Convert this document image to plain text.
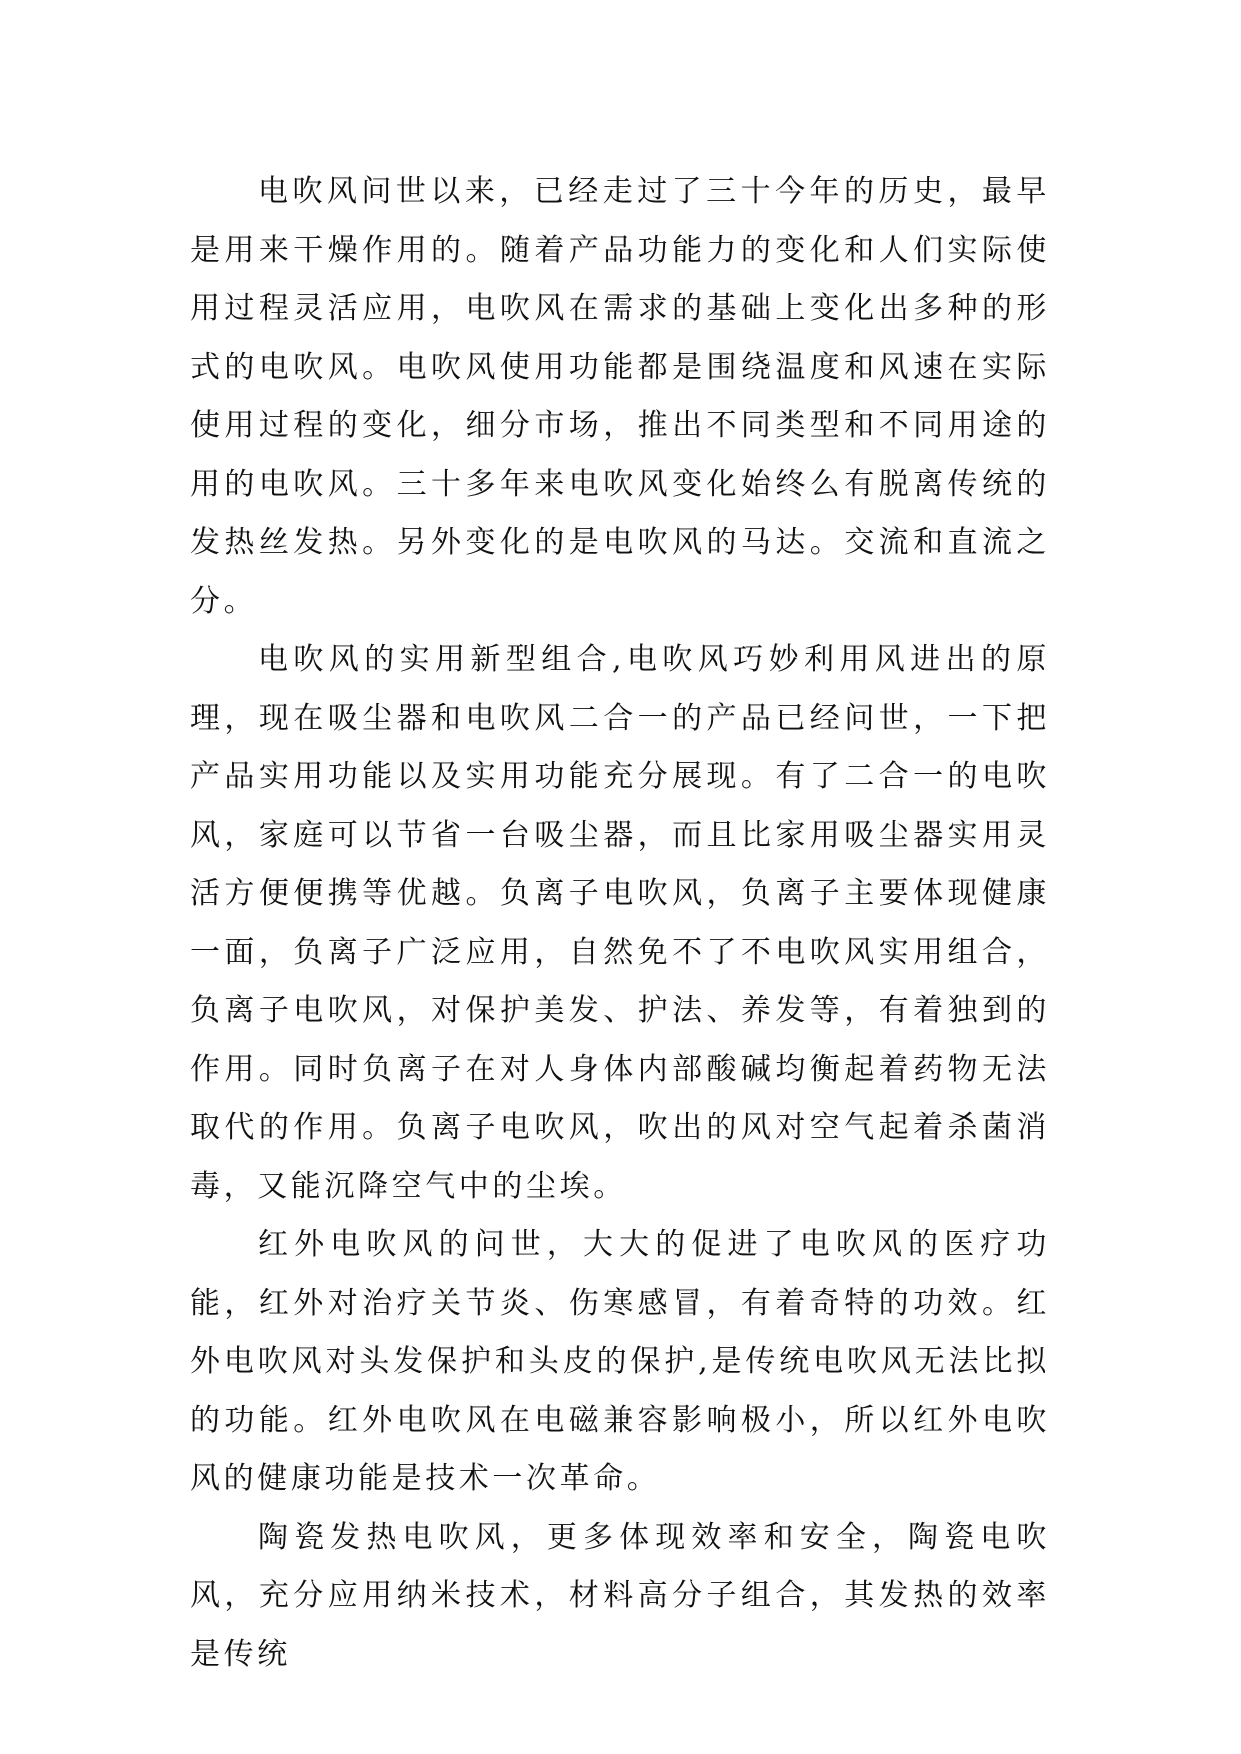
电吹风问世以来，已经走过了三十今年的历史，最早是用来干燥作用的。随着产品功能力的变化和人们实际使用过程灵活应用，电吹风在需求的基础上变化出多种的形式的电吹风。电吹风使用功能都是围绕温度和风速在实际使用过程的变化，细分市场，推出不同类型和不同用途的用的电吹风。三十多年来电吹风变化始终么有脱离传统的发热丝发热。另外变化的是电吹风的马达。交流和直流之分。

电吹风的实用新型组合,电吹风巧妙利用风进出的原理，现在吸尘器和电吹风二合一的产品已经问世，一下把产品实用功能以及实用功能充分展现。有了二合一的电吹风，家庭可以节省一台吸尘器，而且比家用吸尘器实用灵活方便便携等优越。负离子电吹风，负离子主要体现健康一面，负离子广泛应用，自然免不了不电吹风实用组合，负离子电吹风，对保护美发、护法、养发等，有着独到的作用。同时负离子在对人身体内部酸碱均衡起着药物无法取代的作用。负离子电吹风，吹出的风对空气起着杀菌消毒，又能沉降空气中的尘埃。

红外电吹风的问世，大大的促进了电吹风的医疗功能，红外对治疗关节炎、伤寒感冒，有着奇特的功效。红外电吹风对头发保护和头皮的保护,是传统电吹风无法比拟的功能。红外电吹风在电磁兼容影响极小，所以红外电吹风的健康功能是技术一次革命。

陶瓷发热电吹风，更多体现效率和安全，陶瓷电吹风，充分应用纳米技术，材料高分子组合，其发热的效率是传统
